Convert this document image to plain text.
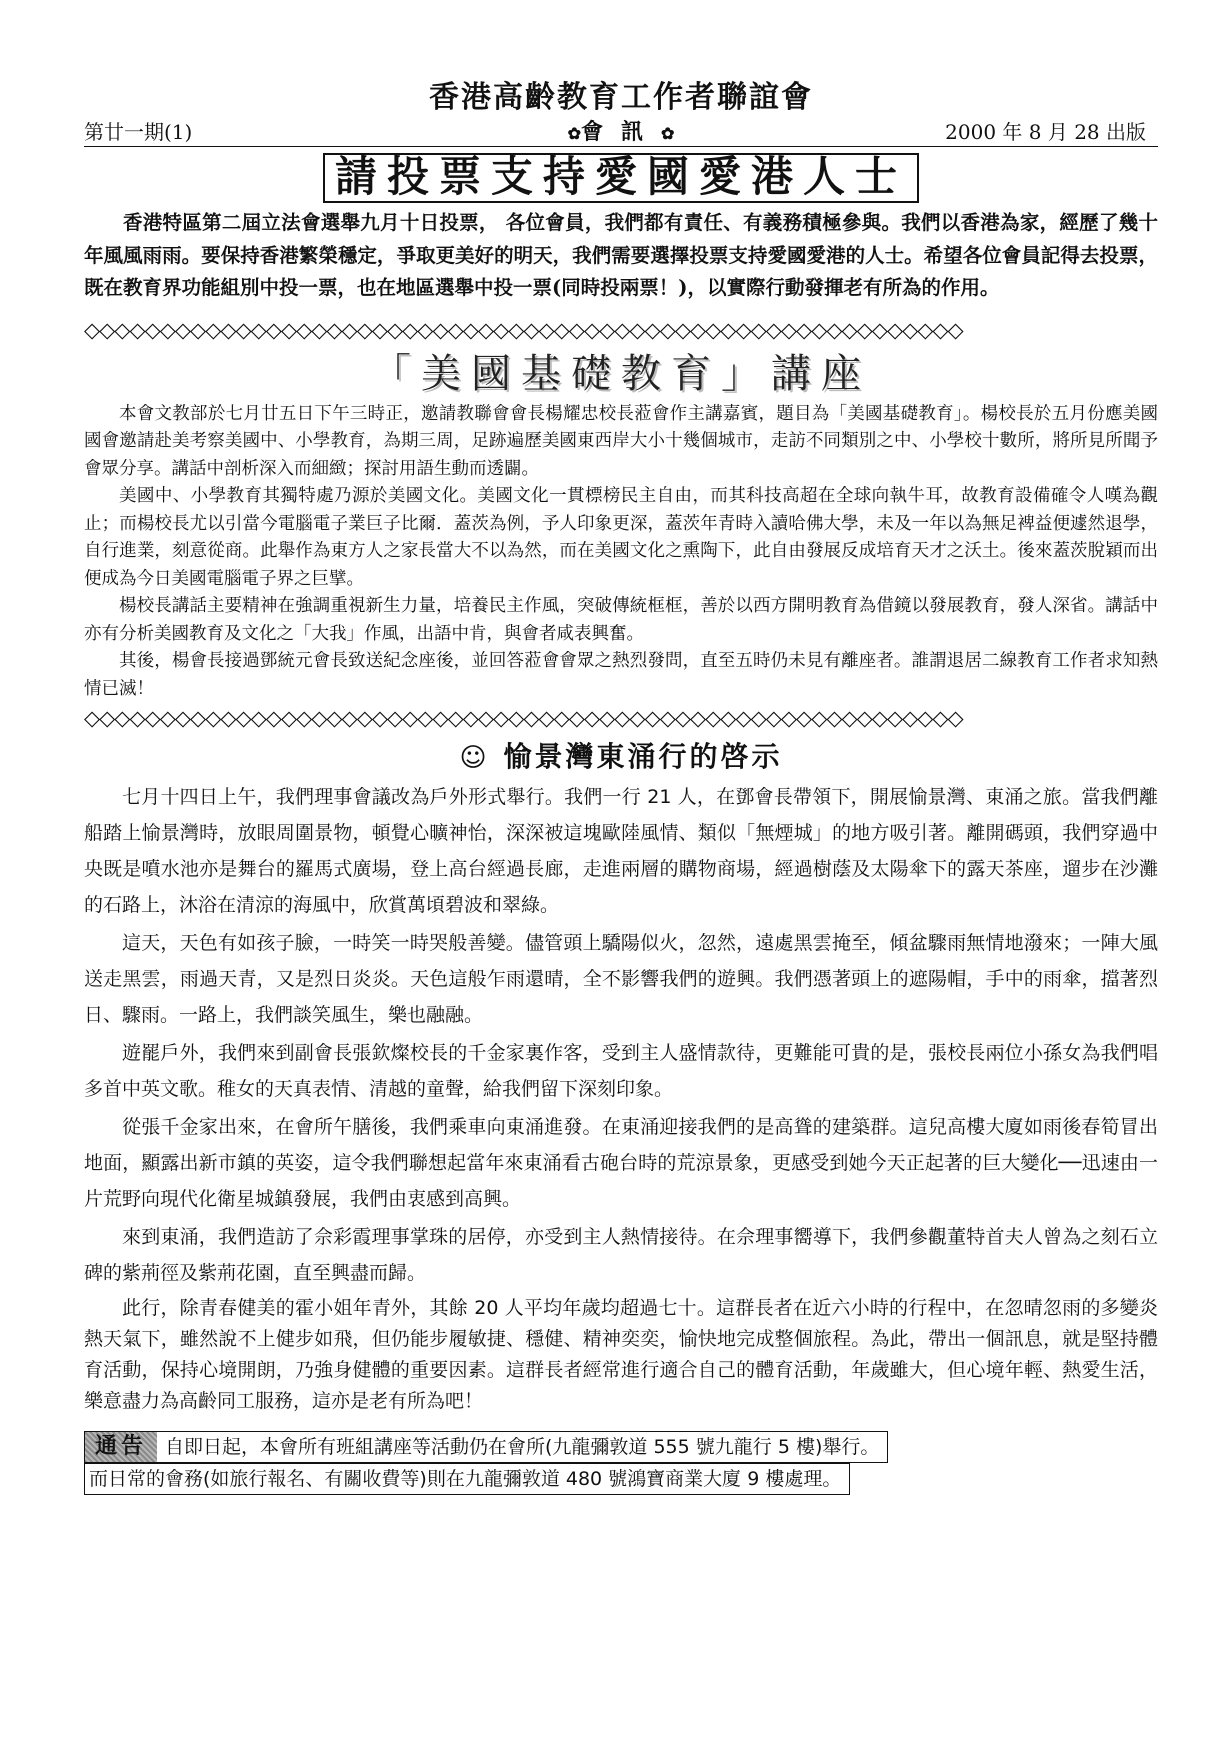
香港高齡教育工作者聯誼會
第廿一期(1)	✿會訊✿	2000 年 8 月 28 出版
請投票支持愛國愛港人士

香港特區第二屆立法會選舉九月十日投票， 各位會員，我們都有責任、有義務積極參與。我們以香港為家，經歷了幾十年風風雨雨。要保持香港繁榮穩定，爭取更美好的明天，我們需要選擇投票支持愛國愛港的人士。希望各位會員記得去投票，既在教育界功能組別中投一票，也在地區選舉中投一票(同時投兩票！)，以實際行動發揮老有所為的作用。

◇◇◇◇◇◇◇◇◇◇◇◇◇◇◇◇◇◇◇◇◇◇◇◇◇◇◇◇◇◇◇◇◇◇◇◇◇◇◇◇◇◇◇◇◇◇◇◇◇◇◇◇◇◇◇◇◇◇
「美國基礎教育」講座

本會文教部於七月廿五日下午三時正，邀請教聯會會長楊耀忠校長蒞會作主講嘉賓，題目為「美國基礎教育」。楊校長於五月份應美國國會邀請赴美考察美國中、小學教育，為期三周，足跡遍歷美國東西岸大小十幾個城市，走訪不同類別之中、小學校十數所，將所見所聞予會眾分享。講話中剖析深入而細緻；探討用語生動而透闢。

美國中、小學教育其獨特處乃源於美國文化。美國文化一貫標榜民主自由，而其科技高超在全球向執牛耳，故教育設備確令人嘆為觀止；而楊校長尤以引當今電腦電子業巨子比爾．蓋茨為例，予人印象更深，蓋茨年青時入讀哈佛大學，未及一年以為無足裨益便遽然退學，自行進業，刻意從商。此舉作為東方人之家長當大不以為然，而在美國文化之熏陶下，此自由發展反成培育天才之沃土。後來蓋茨脫穎而出便成為今日美國電腦電子界之巨擘。

楊校長講話主要精神在強調重視新生力量，培養民主作風，突破傳統框框，善於以西方開明教育為借鏡以發展教育，發人深省。講話中亦有分析美國教育及文化之「大我」作風，出語中肯，與會者咸表興奮。

其後，楊會長接過鄧統元會長致送紀念座後，並回答蒞會會眾之熱烈發問，直至五時仍未見有離座者。誰謂退居二線教育工作者求知熱情已滅！

◇◇◇◇◇◇◇◇◇◇◇◇◇◇◇◇◇◇◇◇◇◇◇◇◇◇◇◇◇◇◇◇◇◇◇◇◇◇◇◇◇◇◇◇◇◇◇◇◇◇◇◇◇◇◇◇◇◇
☺ 愉景灣東涌行的啓示

七月十四日上午，我們理事會議改為戶外形式舉行。我們一行 21 人，在鄧會長帶領下，開展愉景灣、東涌之旅。當我們離船踏上愉景灣時，放眼周圍景物，頓覺心曠神怡，深深被這塊歐陸風情、類似「無煙城」的地方吸引著。離開碼頭，我們穿過中央既是噴水池亦是舞台的羅馬式廣場，登上高台經過長廊，走進兩層的購物商場，經過樹蔭及太陽傘下的露天茶座，遛步在沙灘的石路上，沐浴在清涼的海風中，欣賞萬頃碧波和翠綠。

這天，天色有如孩子臉，一時笑一時哭般善變。儘管頭上驕陽似火，忽然，遠處黑雲掩至，傾盆驟雨無情地潑來；一陣大風送走黑雲，雨過天青，又是烈日炎炎。天色這般乍雨還晴，全不影響我們的遊興。我們憑著頭上的遮陽帽，手中的雨傘，擋著烈日、驟雨。一路上，我們談笑風生，樂也融融。

遊罷戶外，我們來到副會長張欽燦校長的千金家裏作客，受到主人盛情款待，更難能可貴的是，張校長兩位小孫女為我們唱多首中英文歌。稚女的天真表情、清越的童聲，給我們留下深刻印象。

從張千金家出來，在會所午膳後，我們乘車向東涌進發。在東涌迎接我們的是高聳的建築群。這兒高樓大廈如雨後春筍冒出地面，顯露出新市鎮的英姿，這令我們聯想起當年來東涌看古砲台時的荒涼景象，更感受到她今天正起著的巨大變化──迅速由一片荒野向現代化衛星城鎮發展，我們由衷感到高興。

來到東涌，我們造訪了佘彩霞理事掌珠的居停，亦受到主人熱情接待。在佘理事嚮導下，我們參觀董特首夫人曾為之刻石立碑的紫荊徑及紫荊花園，直至興盡而歸。

此行，除青春健美的霍小姐年青外，其餘 20 人平均年歲均超過七十。這群長者在近六小時的行程中，在忽晴忽雨的多變炎熱天氣下，雖然說不上健步如飛，但仍能步履敏捷、穩健、精神奕奕，愉快地完成整個旅程。為此，帶出一個訊息，就是堅持體育活動，保持心境開朗，乃強身健體的重要因素。這群長者經常進行適合自己的體育活動，年歲雖大，但心境年輕、熱愛生活，樂意盡力為高齡同工服務，這亦是老有所為吧！

通告 自即日起，本會所有班組講座等活動仍在會所(九龍彌敦道 555 號九龍行 5 樓)舉行。
而日常的會務(如旅行報名、有關收費等)則在九龍彌敦道 480 號鴻寶商業大廈 9 樓處理。
